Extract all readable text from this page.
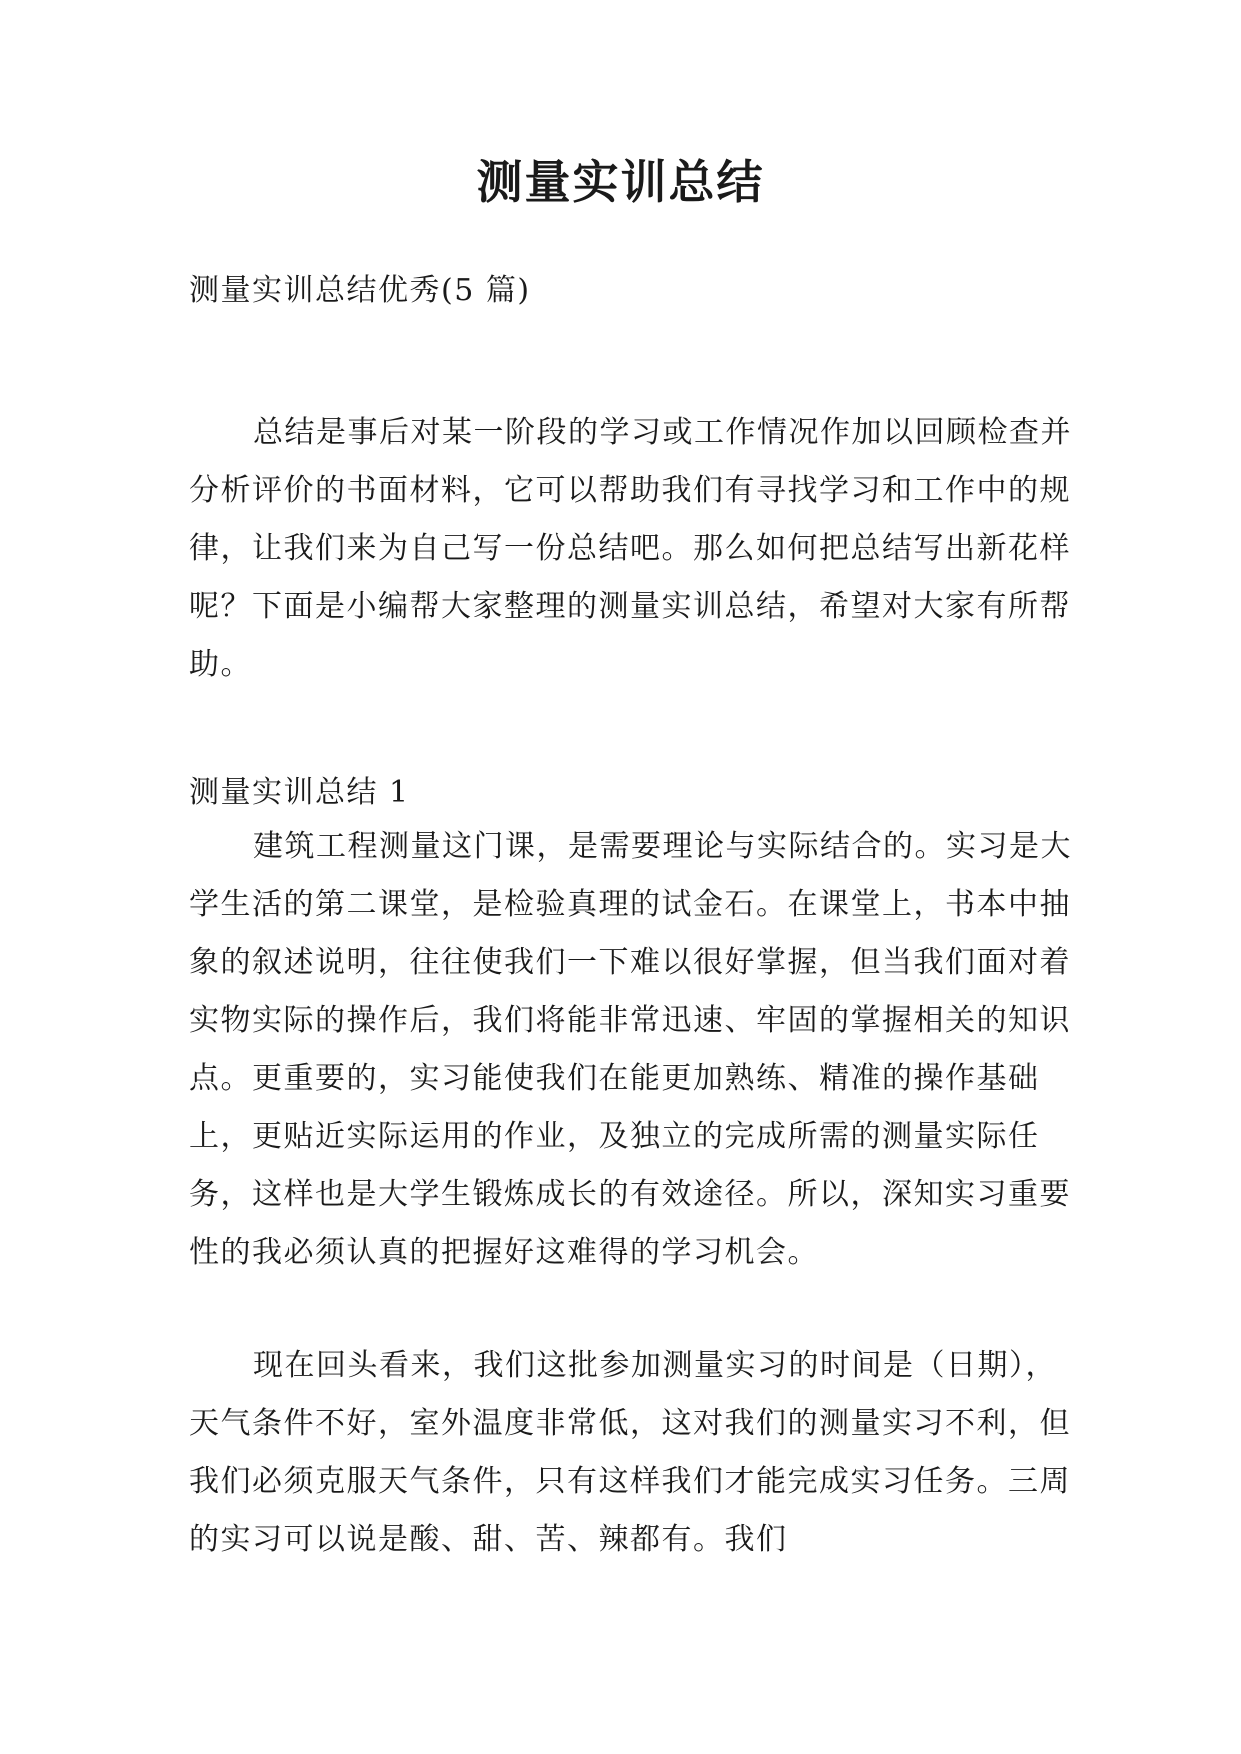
测量实训总结
测量实训总结优秀(5 篇)

总结是事后对某一阶段的学习或工作情况作加以回顾检查并分析评价的书面材料，它可以帮助我们有寻找学习和工作中的规律，让我们来为自己写一份总结吧。那么如何把总结写出新花样呢？下面是小编帮大家整理的测量实训总结，希望对大家有所帮助。

测量实训总结 1

建筑工程测量这门课，是需要理论与实际结合的。实习是大学生活的第二课堂，是检验真理的试金石。在课堂上，书本中抽象的叙述说明，往往使我们一下难以很好掌握，但当我们面对着实物实际的操作后，我们将能非常迅速、牢固的掌握相关的知识点。更重要的，实习能使我们在能更加熟练、精准的操作基础上，更贴近实际运用的作业，及独立的完成所需的测量实际任务，这样也是大学生锻炼成长的有效途径。所以，深知实习重要性的我必须认真的把握好这难得的学习机会。

现在回头看来，我们这批参加测量实习的时间是（日期），天气条件不好，室外温度非常低，这对我们的测量实习不利，但我们必须克服天气条件，只有这样我们才能完成实习任务。三周的实习可以说是酸、甜、苦、辣都有。我们
